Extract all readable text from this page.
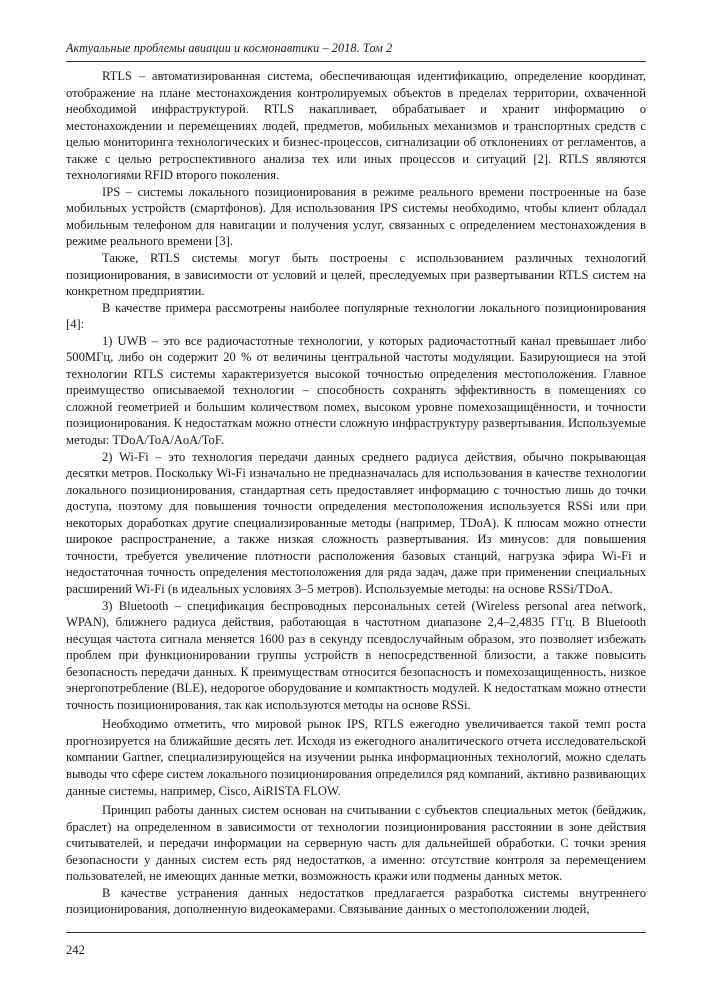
Актуальные проблемы авиации и космонавтики – 2018. Том 2

RTLS – автоматизированная система, обеспечивающая идентификацию, определение координат, отображение на плане местонахождения контролируемых объектов в пределах территории, охваченной необходимой инфраструктурой. RTLS накапливает, обрабатывает и хранит информацию о местонахождении и перемещениях людей, предметов, мобильных механизмов и транспортных средств с целью мониторинга технологических и бизнес-процессов, сигнализации об отклонениях от регламентов, а также с целью ретроспективного анализа тех или иных процессов и ситуаций [2]. RTLS являются технологиями RFID второго поколения.

IPS – системы локального позиционирования в режиме реального времени построенные на базе мобильных устройств (смартфонов). Для использования IPS системы необходимо, чтобы клиент обладал мобильным телефоном для навигации и получения услуг, связанных с определением местонахождения в режиме реального времени [3].

Также, RTLS системы могут быть построены с использованием различных технологий позиционирования, в зависимости от условий и целей, преследуемых при развертывании RTLS систем на конкретном предприятии.

В качестве примера рассмотрены наиболее популярные технологии локального позиционирования [4]:

1) UWB – это все радиочастотные технологии, у которых радиочастотный канал превышает либо 500МГц, либо он содержит 20 % от величины центральной частоты модуляции. Базирующиеся на этой технологии RTLS системы характеризуется высокой точностью определения местоположения. Главное преимущество описываемой технологии – способность сохранять эффективность в помещениях со сложной геометрией и большим количеством помех, высоком уровне помехозащищённости, и точности позиционирования. К недостаткам можно отнести сложную инфраструктуру развертывания. Используемые методы: TDoA/ToA/AoA/ToF.

2) Wi-Fi – это технология передачи данных среднего радиуса действия, обычно покрывающая десятки метров. Поскольку Wi-Fi изначально не предназначалась для использования в качестве технологии локального позиционирования, стандартная сеть предоставляет информацию с точностью лишь до точки доступа, поэтому для повышения точности определения местоположения используется RSSi или при некоторых доработках другие специализированные методы (например, TDoA). К плюсам можно отнести широкое распространение, а также низкая сложность развертывания. Из минусов: для повышения точности, требуется увеличение плотности расположения базовых станций, нагрузка эфира Wi-Fi и недостаточная точность определения местоположения для ряда задач, даже при применении специальных расширений Wi-Fi (в идеальных условиях 3–5 метров). Используемые методы: на основе RSSi/TDoA.

3) Bluetooth – спецификация беспроводных персональных сетей (Wireless personal area network, WPAN), ближнего радиуса действия, работающая в частотном диапазоне 2,4–2,4835 ГГц. В Bluetooth несущая частота сигнала меняется 1600 раз в секунду псевдослучайным образом, это позволяет избежать проблем при функционировании группы устройств в непосредственной близости, а также повысить безопасность передачи данных. К преимуществам относится безопасность и помехозащищенность, низкое энергопотребление (BLE), недорогое оборудование и компактность модулей. К недостаткам можно отнести точность позиционирования, так как используются методы на основе RSSi.

Необходимо отметить, что мировой рынок IPS, RTLS ежегодно увеличивается такой темп роста прогнозируется на ближайшие десять лет. Исходя из ежегодного аналитического отчета исследовательской компании Gartner, специализирующейся на изучении рынка информационных технологий, можно сделать выводы что сфере систем локального позиционирования определился ряд компаний, активно развивающих данные системы, например, Cisco, AiRISTA FLOW.

Принцип работы данных систем основан на считывании с субъектов специальных меток (бейджик, браслет) на определенном в зависимости от технологии позиционирования расстоянии в зоне действия считывателей, и передачи информации на серверную часть для дальнейшей обработки. С точки зрения безопасности у данных систем есть ряд недостатков, а именно: отсутствие контроля за перемещением пользователей, не имеющих данные метки, возможность кражи или подмены данных меток.

В качестве устранения данных недостатков предлагается разработка системы внутреннего позиционирования, дополненную видеокамерами. Связывание данных о местоположении людей,

242
